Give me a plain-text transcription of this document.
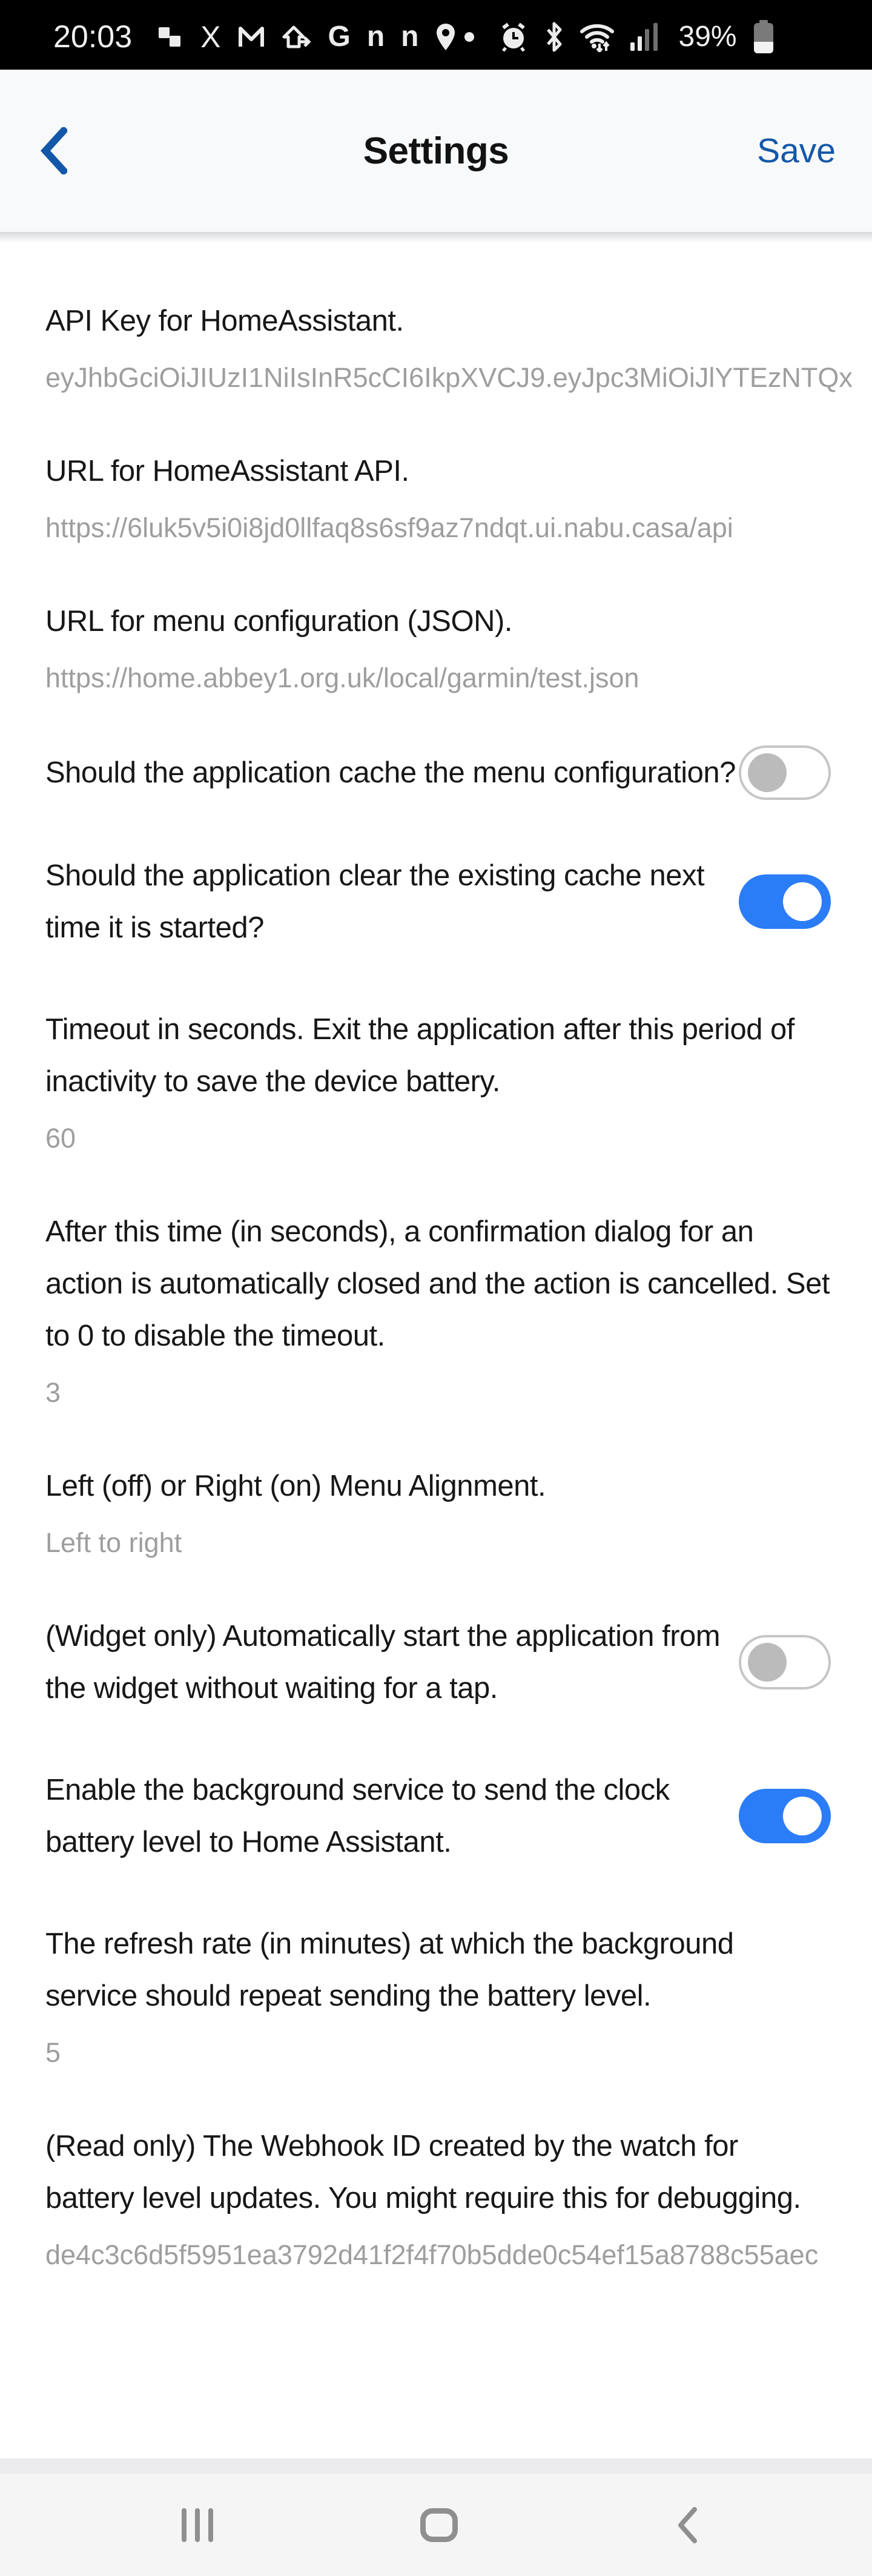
20:03 X	G n n	39%
Settings	Save
API Key for HomeAssistant.
eyJhbGciOiJIUzI1NiIsInR5cCI6IkpXVCJ9.eyJpc3MiOiJlYTEzNTQx
URL for HomeAssistant API.
https://6luk5v5i0i8jd0llfaq8s6sf9az7ndqt.ui.nabu.casa/api
URL for menu configuration (JSON).
https://home.abbey1.org.uk/local/garmin/test.json
Should the application cache the menu configuration?
Should the application clear the existing cache next time it is started?
Timeout in seconds. Exit the application after this period of inactivity to save the device battery.
60
After this time (in seconds), a confirmation dialog for an action is automatically closed and the action is cancelled. Set to 0 to disable the timeout.
3
Left (off) or Right (on) Menu Alignment.
Left to right
(Widget only) Automatically start the application from the widget without waiting for a tap.
Enable the background service to send the clock battery level to Home Assistant.
The refresh rate (in minutes) at which the background service should repeat sending the battery level.
5
(Read only) The Webhook ID created by the watch for battery level updates. You might require this for debugging.
de4c3c6d5f5951ea3792d41f2f4f70b5dde0c54ef15a8788c55aec
